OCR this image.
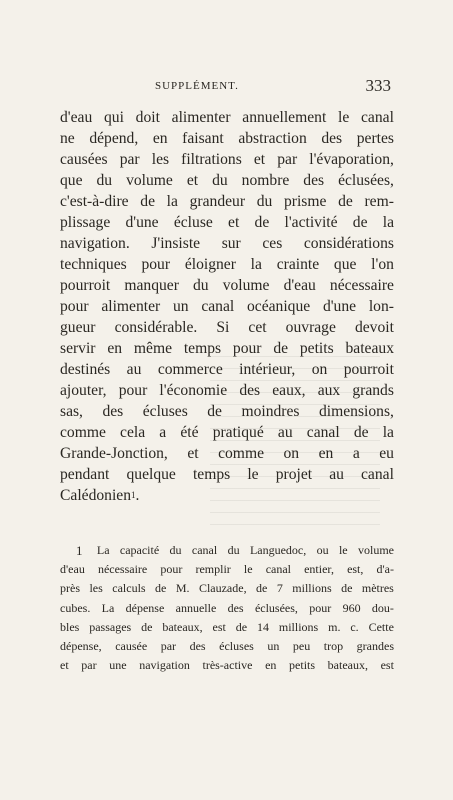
SUPPLÉMENT.	333
d'eau qui doit alimenter annuellement le canal
ne dépend, en faisant abstraction des pertes
causées par les filtrations et par l'évaporation,
que du volume et du nombre des éclusées,
c'est-à-dire de la grandeur du prisme de rem-
plissage d'une écluse et de l'activité de la
navigation. J'insiste sur ces considérations
techniques pour éloigner la crainte que l'on
pourroit manquer du volume d'eau nécessaire
pour alimenter un canal océanique d'une lon-
gueur considérable. Si cet ouvrage devoit
servir en même temps pour de petits bateaux
destinés au commerce intérieur, on pourroit
ajouter, pour l'économie des eaux, aux grands
sas, des écluses de moindres dimensions,
comme cela a été pratiqué au canal de la
Grande-Jonction, et comme on en a eu
pendant quelque temps le projet au canal
Calédonien 1 .
1 La capacité du canal du Languedoc, ou le volume
d'eau nécessaire pour remplir le canal entier, est, d'a-
près les calculs de M. Clauzade, de 7 millions de mètres
cubes. La dépense annuelle des éclusées, pour 960 dou-
bles passages de bateaux, est de 14 millions m. c. Cette
dépense, causée par des écluses un peu trop grandes
et par une navigation très-active en petits bateaux, est
